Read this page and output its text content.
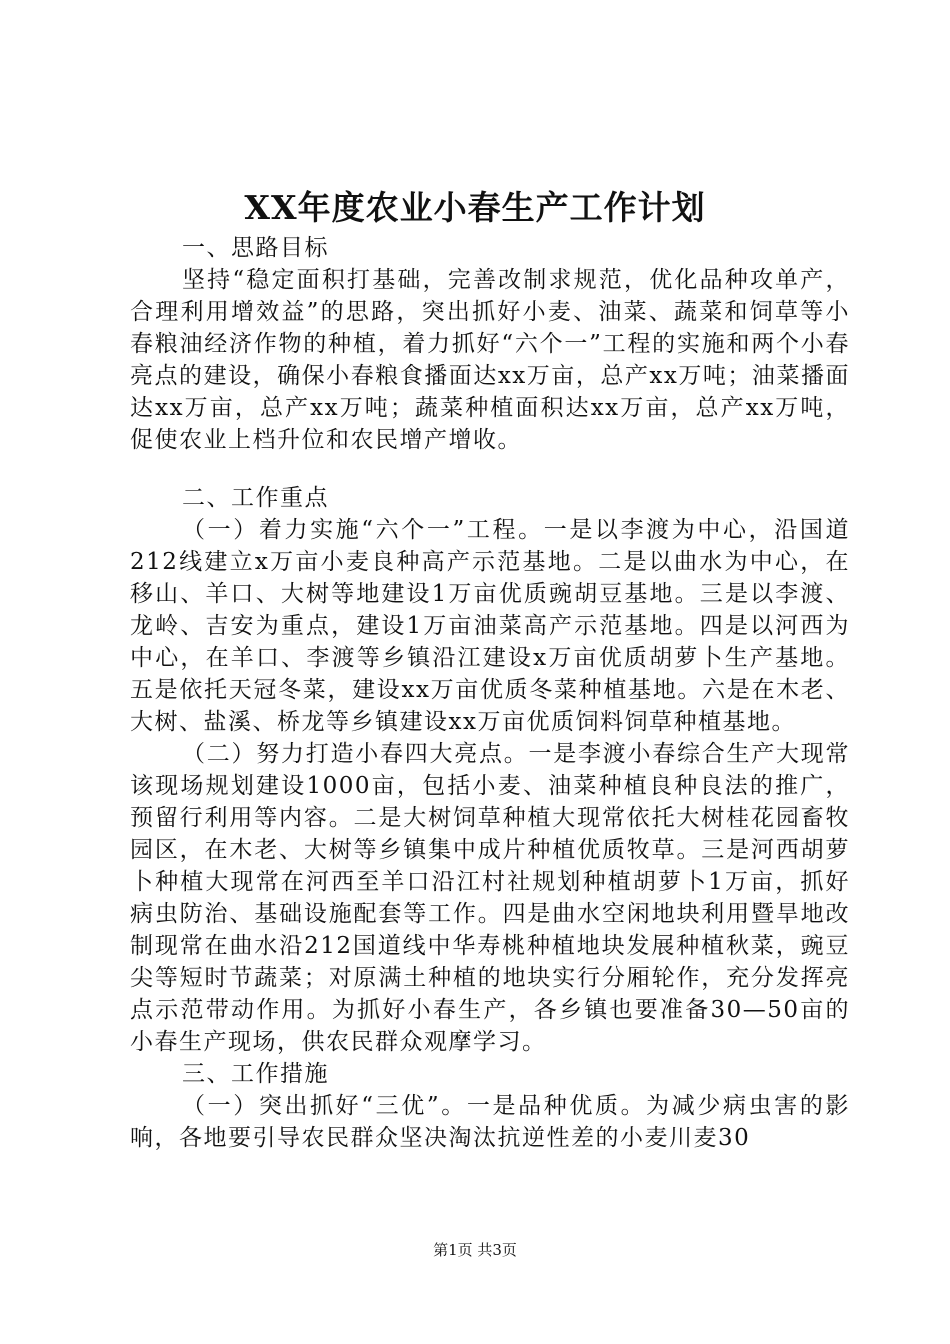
XX年度农业小春生产工作计划

一、思路目标

坚持“稳定面积打基础，完善改制求规范，优化品种攻单产，合理利用增效益”的思路，突出抓好小麦、油菜、蔬菜和饲草等小春粮油经济作物的种植，着力抓好“六个一”工程的实施和两个小春亮点的建设，确保小春粮食播面达xx万亩，总产xx万吨；油菜播面达xx万亩，总产xx万吨；蔬菜种植面积达xx万亩，总产xx万吨，促使农业上档升位和农民增产增收。

二、工作重点

（一）着力实施“六个一”工程。一是以李渡为中心，沿国道212线建立x万亩小麦良种高产示范基地。二是以曲水为中心，在移山、羊口、大树等地建设1万亩优质豌胡豆基地。三是以李渡、龙岭、吉安为重点，建设1万亩油菜高产示范基地。四是以河西为中心，在羊口、李渡等乡镇沿江建设x万亩优质胡萝卜生产基地。五是依托天冠冬菜，建设xx万亩优质冬菜种植基地。六是在木老、大树、盐溪、桥龙等乡镇建设xx万亩优质饲料饲草种植基地。

（二）努力打造小春四大亮点。一是李渡小春综合生产大现常该现场规划建设1000亩，包括小麦、油菜种植良种良法的推广，预留行利用等内容。二是大树饲草种植大现常依托大树桂花园畜牧园区，在木老、大树等乡镇集中成片种植优质牧草。三是河西胡萝卜种植大现常在河西至羊口沿江村社规划种植胡萝卜1万亩，抓好病虫防治、基础设施配套等工作。四是曲水空闲地块利用暨旱地改制现常在曲水沿212国道线中华寿桃种植地块发展种植秋菜，豌豆尖等短时节蔬菜；对原满土种植的地块实行分厢轮作，充分发挥亮点示范带动作用。为抓好小春生产，各乡镇也要准备30—50亩的小春生产现场，供农民群众观摩学习。

三、工作措施

（一）突出抓好“三优”。一是品种优质。为减少病虫害的影响，各地要引导农民群众坚决淘汰抗逆性差的小麦川麦30

第1页 共3页
